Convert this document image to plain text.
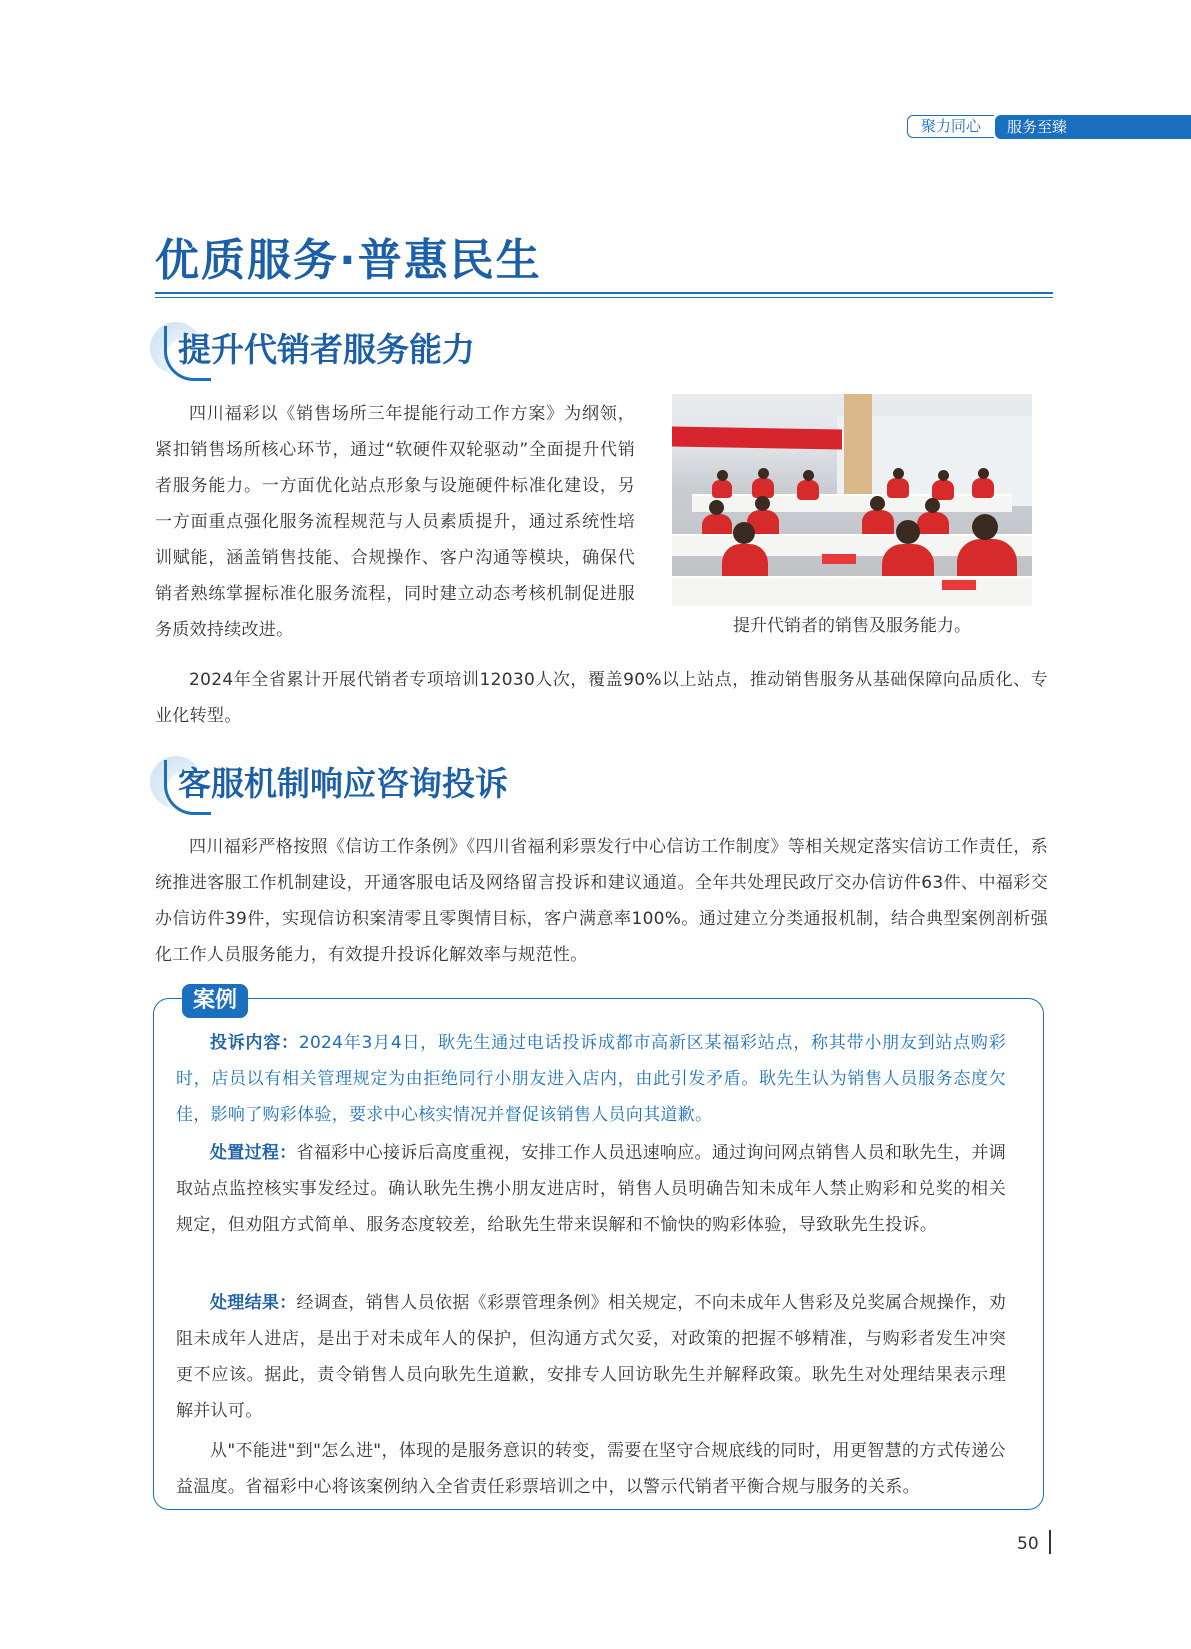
聚力同心	服务至臻
优质服务·普惠民生
提升代销者服务能力

四川福彩以《销售场所三年提能行动工作方案》为纲领，紧扣销售场所核心环节，通过“软硬件双轮驱动”全面提升代销者服务能力。一方面优化站点形象与设施硬件标准化建设，另一方面重点强化服务流程规范与人员素质提升，通过系统性培训赋能，涵盖销售技能、合规操作、客户沟通等模块，确保代销者熟练掌握标准化服务流程，同时建立动态考核机制促进服务质效持续改进。	提升代销者的销售及服务能力。

2024年全省累计开展代销者专项培训12030人次，覆盖90%以上站点，推动销售服务从基础保障向品质化、专业化转型。

客服机制响应咨询投诉

四川福彩严格按照《信访工作条例》《四川省福利彩票发行中心信访工作制度》等相关规定落实信访工作责任，系统推进客服工作机制建设，开通客服电话及网络留言投诉和建议通道。全年共处理民政厅交办信访件63件、中福彩交办信访件39件，实现信访积案清零且零舆情目标，客户满意率100%。通过建立分类通报机制，结合典型案例剖析强化工作人员服务能力，有效提升投诉化解效率与规范性。

案例

投诉内容：2024年3月4日，耿先生通过电话投诉成都市高新区某福彩站点，称其带小朋友到站点购彩时，店员以有相关管理规定为由拒绝同行小朋友进入店内，由此引发矛盾。耿先生认为销售人员服务态度欠佳，影响了购彩体验，要求中心核实情况并督促该销售人员向其道歉。

处置过程：省福彩中心接诉后高度重视，安排工作人员迅速响应。通过询问网点销售人员和耿先生，并调取站点监控核实事发经过。确认耿先生携小朋友进店时，销售人员明确告知未成年人禁止购彩和兑奖的相关规定，但劝阻方式简单、服务态度较差，给耿先生带来误解和不愉快的购彩体验，导致耿先生投诉。

处理结果：经调查，销售人员依据《彩票管理条例》相关规定，不向未成年人售彩及兑奖属合规操作，劝阻未成年人进店，是出于对未成年人的保护，但沟通方式欠妥，对政策的把握不够精准，与购彩者发生冲突更不应该。据此，责令销售人员向耿先生道歉，安排专人回访耿先生并解释政策。耿先生对处理结果表示理解并认可。

从"不能进"到"怎么进"，体现的是服务意识的转变，需要在坚守合规底线的同时，用更智慧的方式传递公益温度。省福彩中心将该案例纳入全省责任彩票培训之中，以警示代销者平衡合规与服务的关系。

50
